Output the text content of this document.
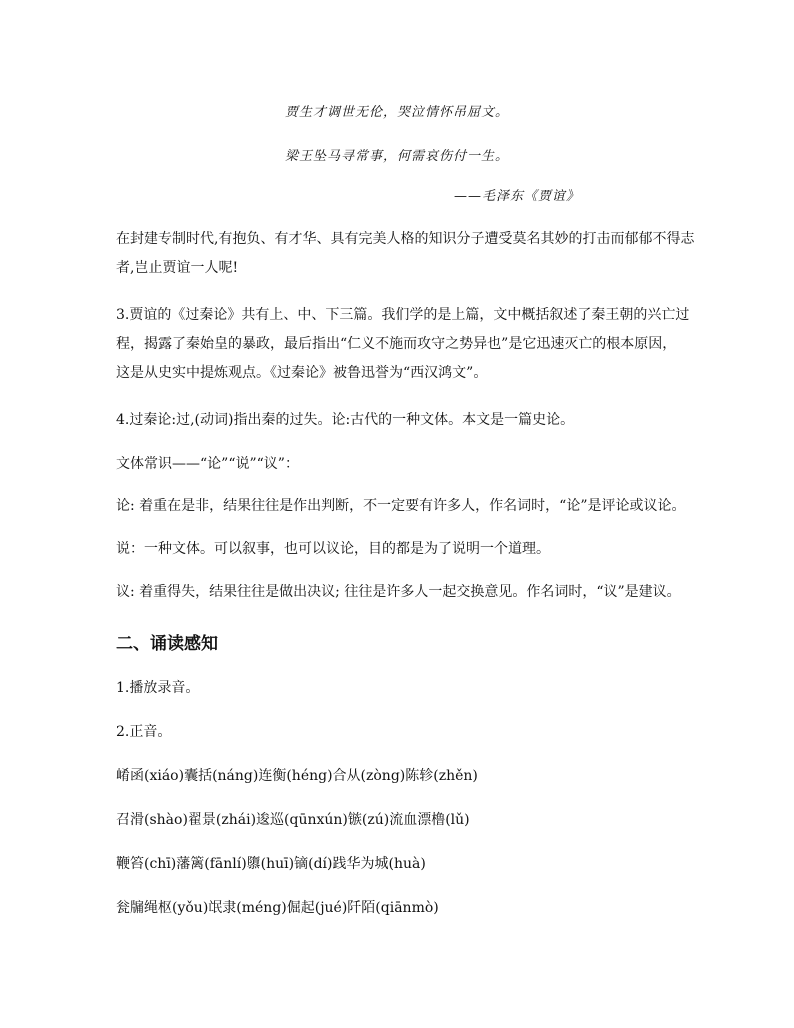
贾生才调世无伦，哭泣情怀吊屈文。
梁王坠马寻常事，何需哀伤付一生。
——毛泽东《贾谊》
在封建专制时代,有抱负、有才华、具有完美人格的知识分子遭受莫名其妙的打击而郁郁不得志
者,岂止贾谊一人呢!
3.贾谊的《过秦论》共有上、中、下三篇。我们学的是上篇，文中概括叙述了秦王朝的兴亡过
程，揭露了秦始皇的暴政，最后指出“仁义不施而攻守之势异也”是它迅速灭亡的根本原因，
这是从史实中提炼观点。《过秦论》被鲁迅誉为“西汉鸿文”。
4.过秦论:过,(动词)指出秦的过失。论:古代的一种文体。本文是一篇史论。
文体常识——“论”“说”“议”：
论: 着重在是非，结果往往是作出判断，不一定要有许多人，作名词时，“论”是评论或议论。
说：一种文体。可以叙事，也可以议论，目的都是为了说明一个道理。
议: 着重得失，结果往往是做出决议; 往往是许多人一起交换意见。作名词时，“议”是建议。
二、诵读感知
1.播放录音。
2.正音。
崤函(xiáo)囊括(náng)连衡(héng)合从(zòng)陈轸(zhěn)
召滑(shào)翟景(zhái)逡巡(qūnxún)镞(zú)流血漂橹(lǔ)
鞭笞(chī)藩篱(fānlí)隳(huī)镝(dí)践华为城(huà)
瓮牖绳枢(yǒu)氓隶(méng)倔起(jué)阡陌(qiānmò)
